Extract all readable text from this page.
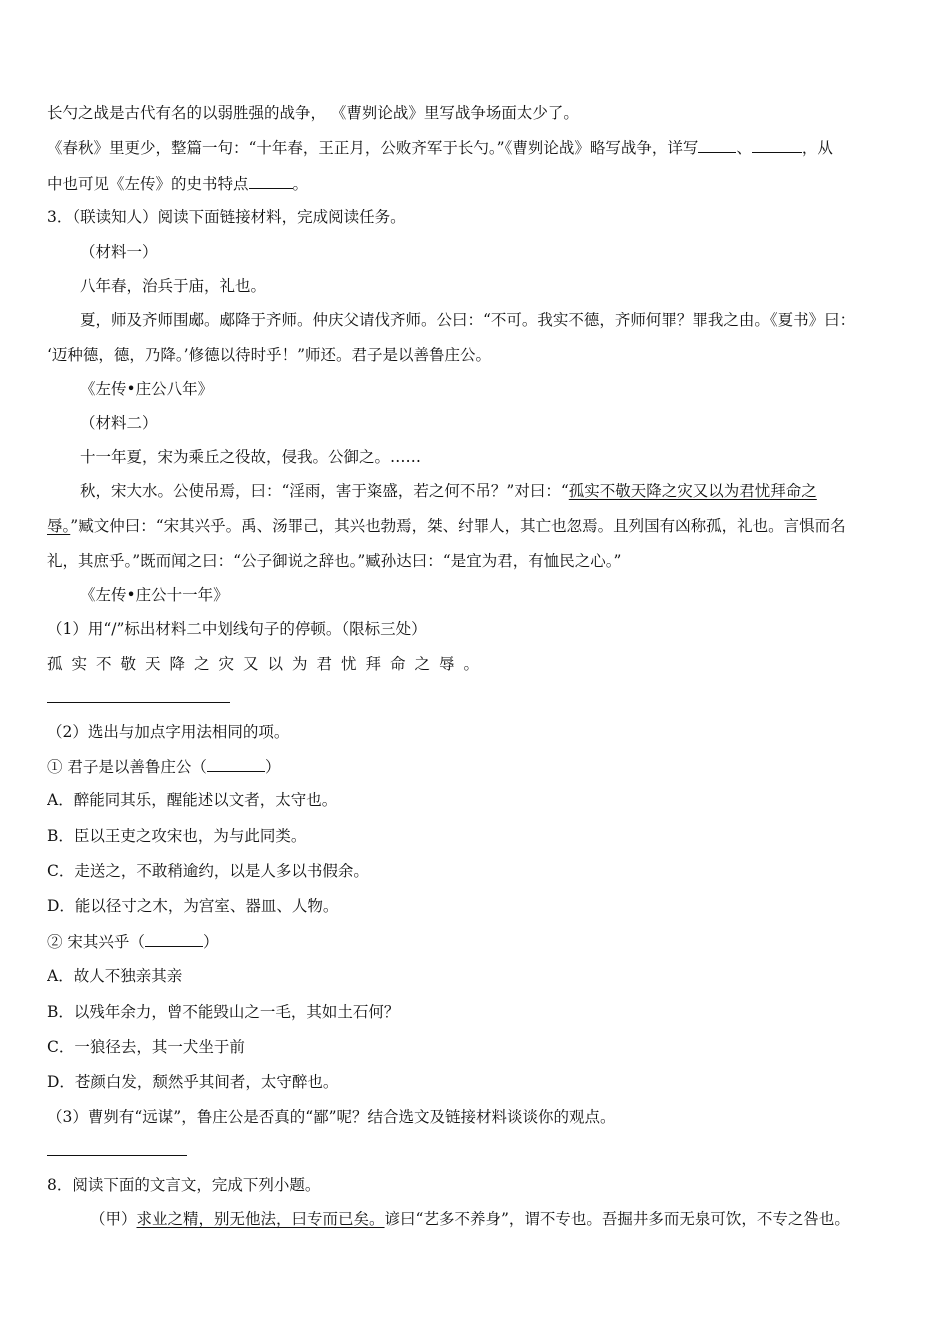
长勺之战是古代有名的以弱胜强的战争， 《曹刿论战》里写战争场面太少了。
《春秋》里更少，整篇一句：“十年春，王正月，公败齐军于长勺。”《曹刿论战》略写战争，详写 、	，从
中也可见《左传》的史书特点	。
3．（联读知人）阅读下面链接材料，完成阅读任务。
（材料一）
八年春，治兵于庙，礼也。
夏，师及齐师围郕。郕降于齐师。仲庆父请伐齐师。公曰：“不可。我实不德，齐师何罪？罪我之由。《夏书》曰：
‘迈种德，德，乃降。’修德以待时乎！”师还。君子是以善鲁庄公。
《左传•庄公八年》
（材料二）
十一年夏，宋为乘丘之役故，侵我。公御之。……
秋，宋大水。公使吊焉，曰：“淫雨，害于粢盛，若之何不吊？”对曰：“孤实不敬天降之灾又以为君忧拜命之
辱。”臧文仲曰：“宋其兴乎。禹、汤罪己，其兴也勃焉，桀、纣罪人，其亡也忽焉。且列国有凶称孤，礼也。言惧而名
礼，其庶乎。”既而闻之曰：“公子御说之辞也。”臧孙达曰：“是宜为君，有恤民之心。”
《左传•庄公十一年》
（1）用“/”标出材料二中划线句子的停顿。（限标三处）
孤实不敬天降之灾又以为君忧拜命之辱。
（2）选出与加点字用法相同的项。
① 君子是以善鲁庄公（	）
A．醉能同其乐，醒能述以文者，太守也。
B．臣以王吏之攻宋也，为与此同类。
C．走送之，不敢稍逾约，以是人多以书假余。
D．能以径寸之木，为宫室、器皿、人物。
② 宋其兴乎（	）
A．故人不独亲其亲
B．以残年余力，曾不能毁山之一毛，其如土石何？
C．一狼径去，其一犬坐于前
D．苍颜白发，颓然乎其间者，太守醉也。
（3）曹刿有“远谋”，鲁庄公是否真的“鄙”呢？结合选文及链接材料谈谈你的观点。
8．阅读下面的文言文，完成下列小题。
（甲）求业之精，别无他法，曰专而已矣。谚曰“艺多不养身”，谓不专也。吾掘井多而无泉可饮，不专之咎也。
